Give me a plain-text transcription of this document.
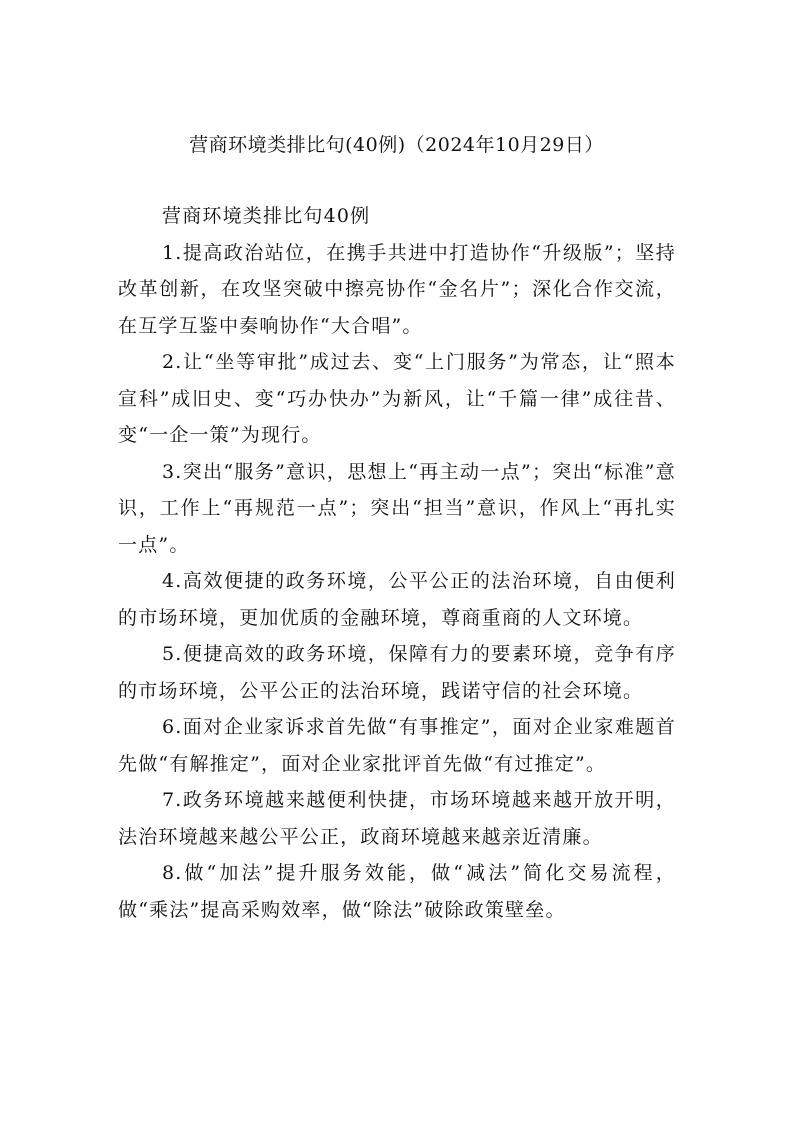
营商环境类排比句(40例)（2024年10月29日）

营商环境类排比句40例

1.提高政治站位，在携手共进中打造协作“升级版”；坚持改革创新，在攻坚突破中擦亮协作“金名片”；深化合作交流，在互学互鉴中奏响协作“大合唱”。

2.让“坐等审批”成过去、变“上门服务”为常态，让“照本宣科”成旧史、变“巧办快办”为新风，让“千篇一律”成往昔、变“一企一策”为现行。

3.突出“服务”意识，思想上“再主动一点”；突出“标准”意识，工作上“再规范一点”；突出“担当”意识，作风上“再扎实一点”。

4.高效便捷的政务环境，公平公正的法治环境，自由便利的市场环境，更加优质的金融环境，尊商重商的人文环境。

5.便捷高效的政务环境，保障有力的要素环境，竞争有序的市场环境，公平公正的法治环境，践诺守信的社会环境。

6.面对企业家诉求首先做“有事推定”，面对企业家难题首先做“有解推定”，面对企业家批评首先做“有过推定”。

7.政务环境越来越便利快捷，市场环境越来越开放开明，法治环境越来越公平公正，政商环境越来越亲近清廉。

8.做“加法”提升服务效能，做“减法”简化交易流程，做“乘法”提高采购效率，做“除法”破除政策壁垒。
